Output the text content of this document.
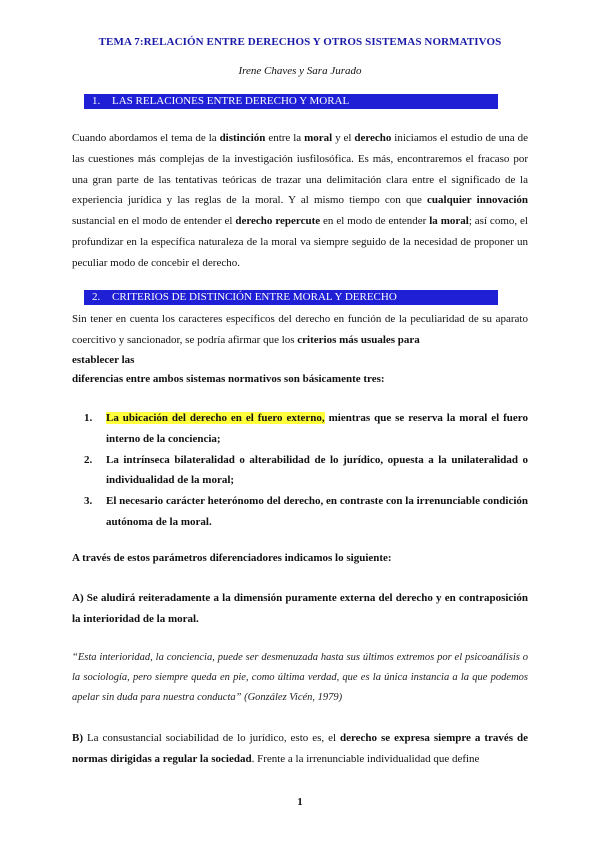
TEMA 7:RELACIÓN ENTRE DERECHOS Y OTROS SISTEMAS NORMATIVOS
Irene Chaves y Sara Jurado
1. LAS RELACIONES ENTRE DERECHO Y MORAL

Cuando abordamos el tema de la distinción entre la moral y el derecho iniciamos el estudio de una de las cuestiones más complejas de la investigación iusfilosófica. Es más, encontraremos el fracaso por una gran parte de las tentativas teóricas de trazar una delimitación clara entre el significado de la experiencia jurídica y las reglas de la moral. Y al mismo tiempo con que cualquier innovación sustancial en el modo de entender el derecho repercute en el modo de entender la moral; así como, el profundizar en la específica naturaleza de la moral va siempre seguido de la necesidad de proponer un peculiar modo de concebir el derecho.

2. CRITERIOS DE DISTINCIÓN ENTRE MORAL Y DERECHO

Sin tener en cuenta los caracteres específicos del derecho en función de la peculiaridad de su aparato coercitivo y sancionador, se podría afirmar que los criterios más usuales para

establecer las

diferencias entre ambos sistemas normativos son básicamente tres:

1. La ubicación del derecho en el fuero externo, mientras que se reserva la moral el fuero interno de la conciencia;
2. La intrínseca bilateralidad o alterabilidad de lo jurídico, opuesta a la unilateralidad o individualidad de la moral;
3. El necesario carácter heterónomo del derecho, en contraste con la irrenunciable condición autónoma de la moral.

A través de estos parámetros diferenciadores indicamos lo siguiente:

A) Se aludirá reiteradamente a la dimensión puramente externa del derecho y en contraposición la interioridad de la moral.

“Esta interioridad, la conciencia, puede ser desmenuzada hasta sus últimos extremos por el psicoanálisis o la sociología, pero siempre queda en pie, como última verdad, que es la única instancia a la que podemos apelar sin duda para nuestra conducta” (González Vicén, 1979)

B) La consustancial sociabilidad de lo jurídico, esto es, el derecho se expresa siempre a través de normas dirigidas a regular la sociedad. Frente a la irrenunciable individualidad que define

1
